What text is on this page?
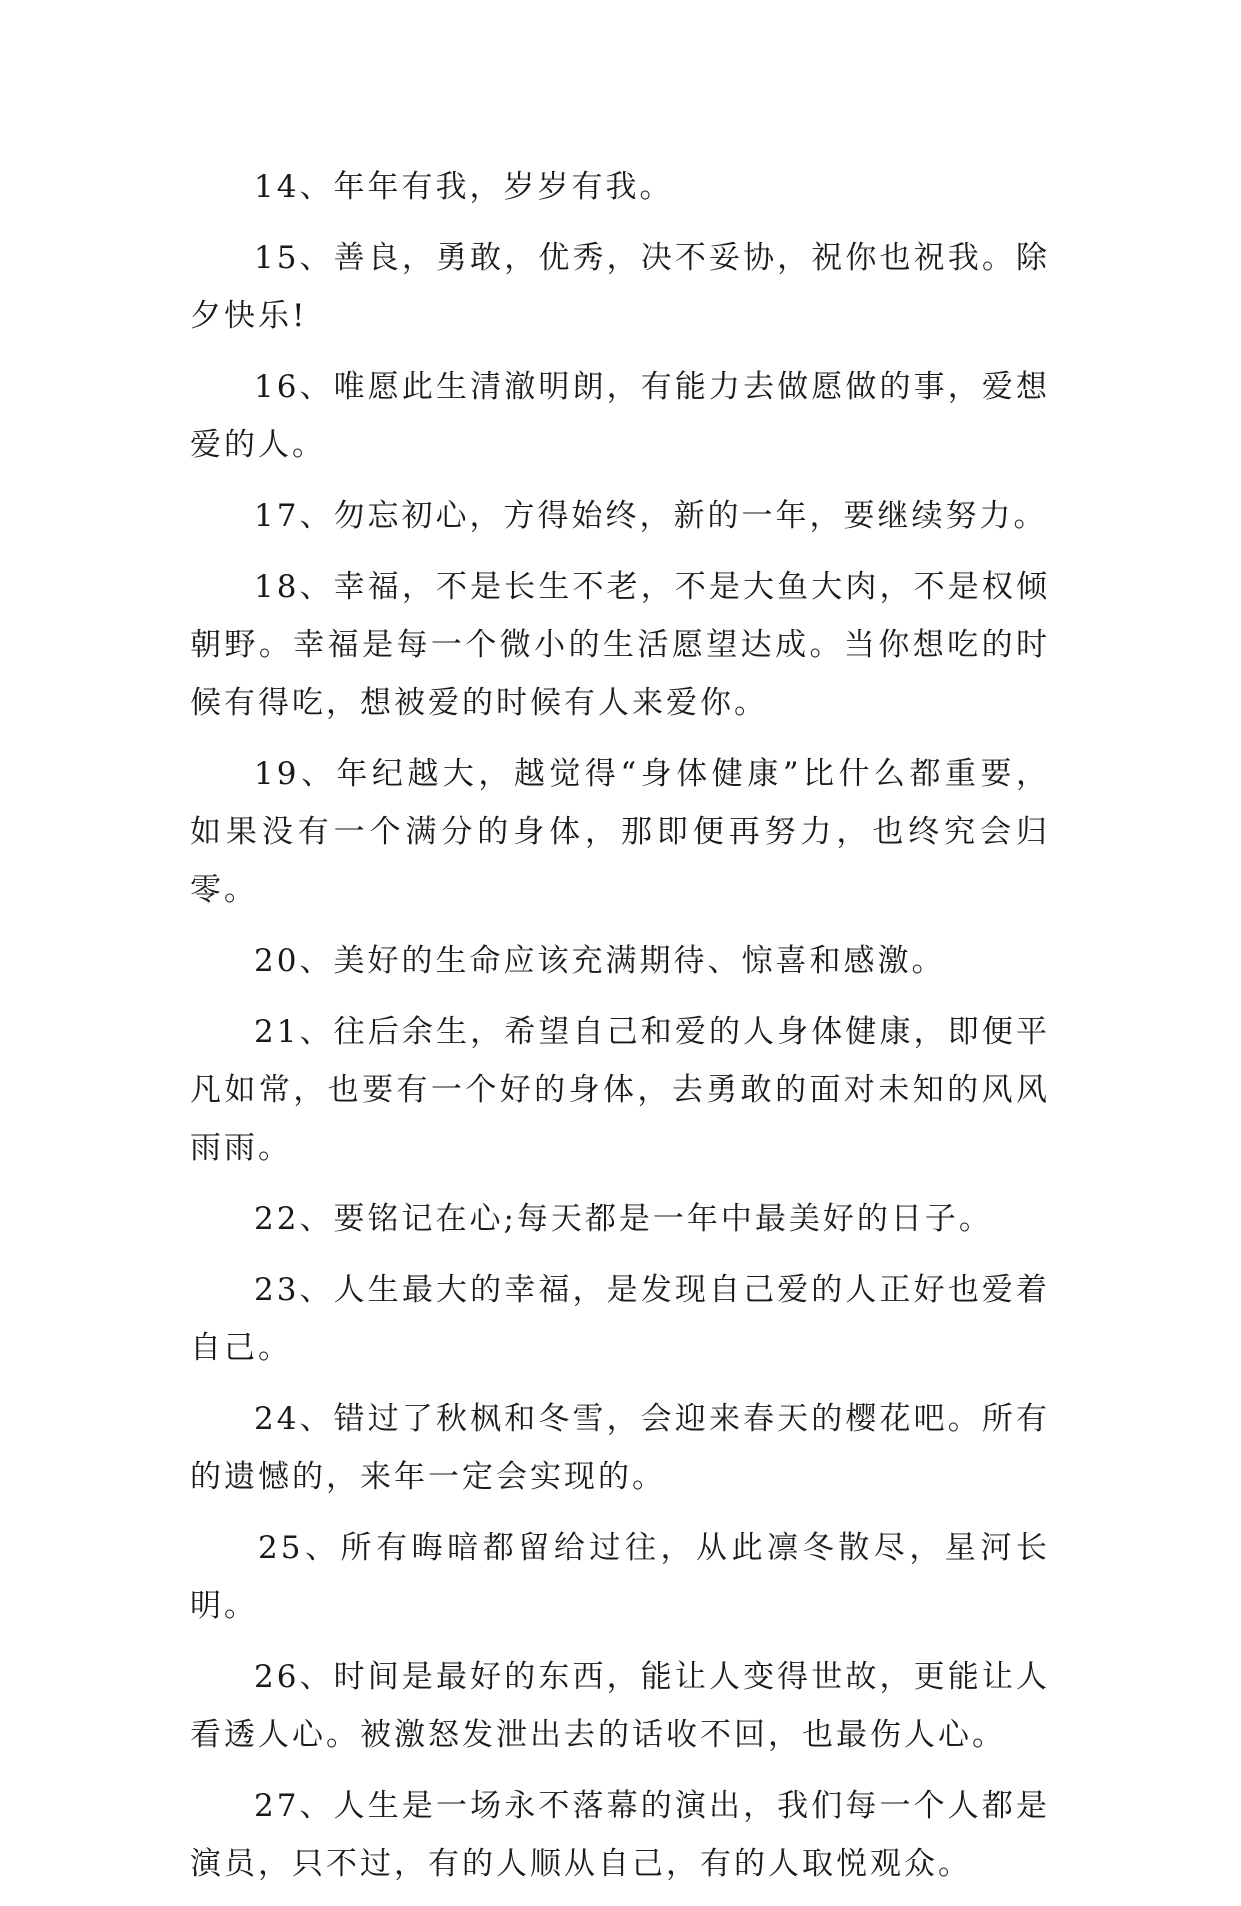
14、年年有我，岁岁有我。

15、善良，勇敢，优秀，决不妥协，祝你也祝我。除夕快乐!

16、唯愿此生清澈明朗，有能力去做愿做的事，爱想爱的人。

17、勿忘初心，方得始终，新的一年，要继续努力。

18、幸福，不是长生不老，不是大鱼大肉，不是权倾朝野。幸福是每一个微小的生活愿望达成。当你想吃的时候有得吃，想被爱的时候有人来爱你。

19、年纪越大，越觉得“身体健康”比什么都重要，如果没有一个满分的身体，那即便再努力，也终究会归零。

20、美好的生命应该充满期待、惊喜和感激。

21、往后余生，希望自己和爱的人身体健康，即便平凡如常，也要有一个好的身体，去勇敢的面对未知的风风雨雨。

22、要铭记在心;每天都是一年中最美好的日子。

23、人生最大的幸福，是发现自己爱的人正好也爱着自己。

24、错过了秋枫和冬雪，会迎来春天的樱花吧。所有的遗憾的，来年一定会实现的。

25、所有晦暗都留给过往，从此凛冬散尽，星河长明。

26、时间是最好的东西，能让人变得世故，更能让人看透人心。被激怒发泄出去的话收不回，也最伤人心。

27、人生是一场永不落幕的演出，我们每一个人都是演员，只不过，有的人顺从自己，有的人取悦观众。
